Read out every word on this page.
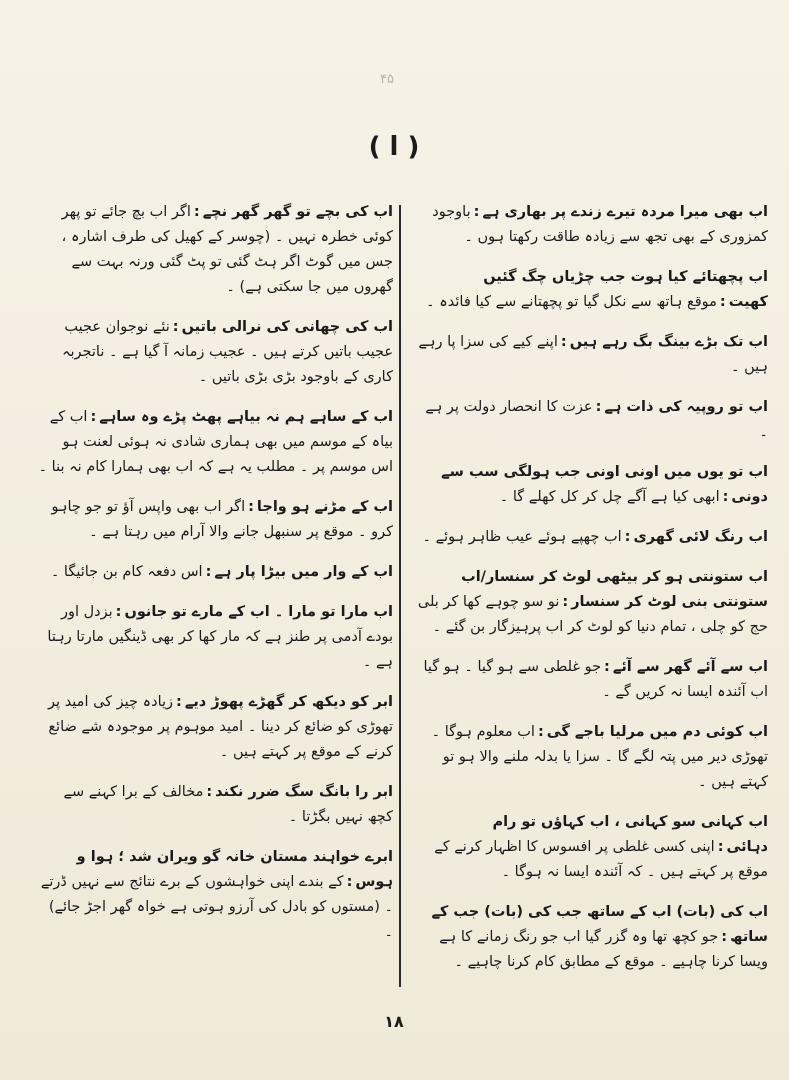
۴۵
( ا )
اب بھی میرا مردہ تیرے زندے پر بھاری ہے:باوجود کمزوری کے بھی تجھ سے زیادہ طاقت رکھتا ہوں ۔
اب پچھتائے کیا ہوت جب چڑیاں چگ گئیں کھیت:موقع ہاتھ سے نکل گیا تو پچھتانے سے کیا فائدہ ۔
اب تک بڑے بینگ بگ رہے ہیں:اپنے کیے کی سزا پا رہے ہیں ۔
اب تو روپیہ کی ذات ہے:عزت کا انحصار دولت پر ہے ۔
اب تو یوں میں اونی اونی جب ہولگی سب سے دونی:ابھی کیا ہے آگے چل کر کل کھلے گا ۔
اب رنگ لائی گھری:اب چھپے ہوئے عیب ظاہر ہوئے ۔
اب ستونتی ہو کر بیٹھی لوٹ کر سنسار/اب ستونتی بنی لوٹ کر سنسار:نو سو چوہے کھا کر بلی حج کو چلی ، تمام دنیا کو لوٹ کر اب پرہیزگار بن گئے ۔
اب سے آئے گھر سے آئے:جو غلطی سے ہو گیا ۔ ہو گیا اب آئندہ ایسا نہ کریں گے ۔
اب کوئی دم میں مرلیا باجے گی:اب معلوم ہوگا ۔ تھوڑی دیر میں پتہ لگے گا ۔ سزا یا بدلہ ملنے والا ہو تو کہتے ہیں ۔
اب کہانی سو کہانی ، اب کہاؤں تو رام دہائی:اپنی کسی غلطی پر افسوس کا اظہار کرنے کے موقع پر کہتے ہیں ۔ کہ آئندہ ایسا نہ ہوگا ۔
اب کی (بات) اب کے ساتھ جب کی (بات) جب کے ساتھ:جو کچھ تھا وہ گزر گیا اب جو رنگ زمانے کا ہے ویسا کرنا چاہیے ۔ موقع کے مطابق کام کرنا چاہیے ۔
اب کی بچے تو گھر گھر نچے:اگر اب بچ جائے تو پھر کوئی خطرہ نہیں ۔ (چوسر کے کھیل کی طرف اشارہ ، جس میں گوٹ اگر ہٹ گئی تو پٹ گئی ورنہ بہت سے گھروں میں جا سکتی ہے) ۔
اب کی چھانی کی نرالی باتیں:نئے نوجوان عجیب عجیب باتیں کرتے ہیں ۔ عجیب زمانہ آ گیا ہے ۔ ناتجربہ کاری کے باوجود بڑی بڑی باتیں ۔
اب کے ساہے ہم نہ بیاہے پھٹ پڑے وہ ساہے:اب کے بیاہ کے موسم میں بھی ہماری شادی نہ ہوئی لعنت ہو اس موسم پر ۔ مطلب یہ ہے کہ اب بھی ہمارا کام نہ بنا ۔
اب کے مڑنے ہو واجا:اگر اب بھی واپس آؤ تو جو چاہو کرو ۔ موقع پر سنبھل جانے والا آرام میں رہتا ہے ۔
اب کے وار میں بیڑا پار ہے:اس دفعہ کام بن جائیگا ۔
اب مارا تو مارا ۔ اب کے مارے تو جانوں:بزدل اور بودے آدمی پر طنز ہے کہ مار کھا کر بھی ڈینگیں مارتا رہتا ہے ۔
ابر کو دیکھ کر گھڑے پھوڑ دیے:زیادہ چیز کی امید پر تھوڑی کو ضائع کر دینا ۔ امید موہوم پر موجودہ شے ضائع کرنے کے موقع پر کہتے ہیں ۔
ابر را بانگ سگ ضرر نکند:مخالف کے برا کہنے سے کچھ نہیں بگڑتا ۔
ابرے خواہند مستان خانہ گو ویران شد ؛ ہوا و ہوس:کے بندے اپنی خواہشوں کے برے نتائج سے نہیں ڈرتے ۔ (مستوں کو بادل کی آرزو ہوتی ہے خواہ گھر اجڑ جائے) ۔
۱۸
